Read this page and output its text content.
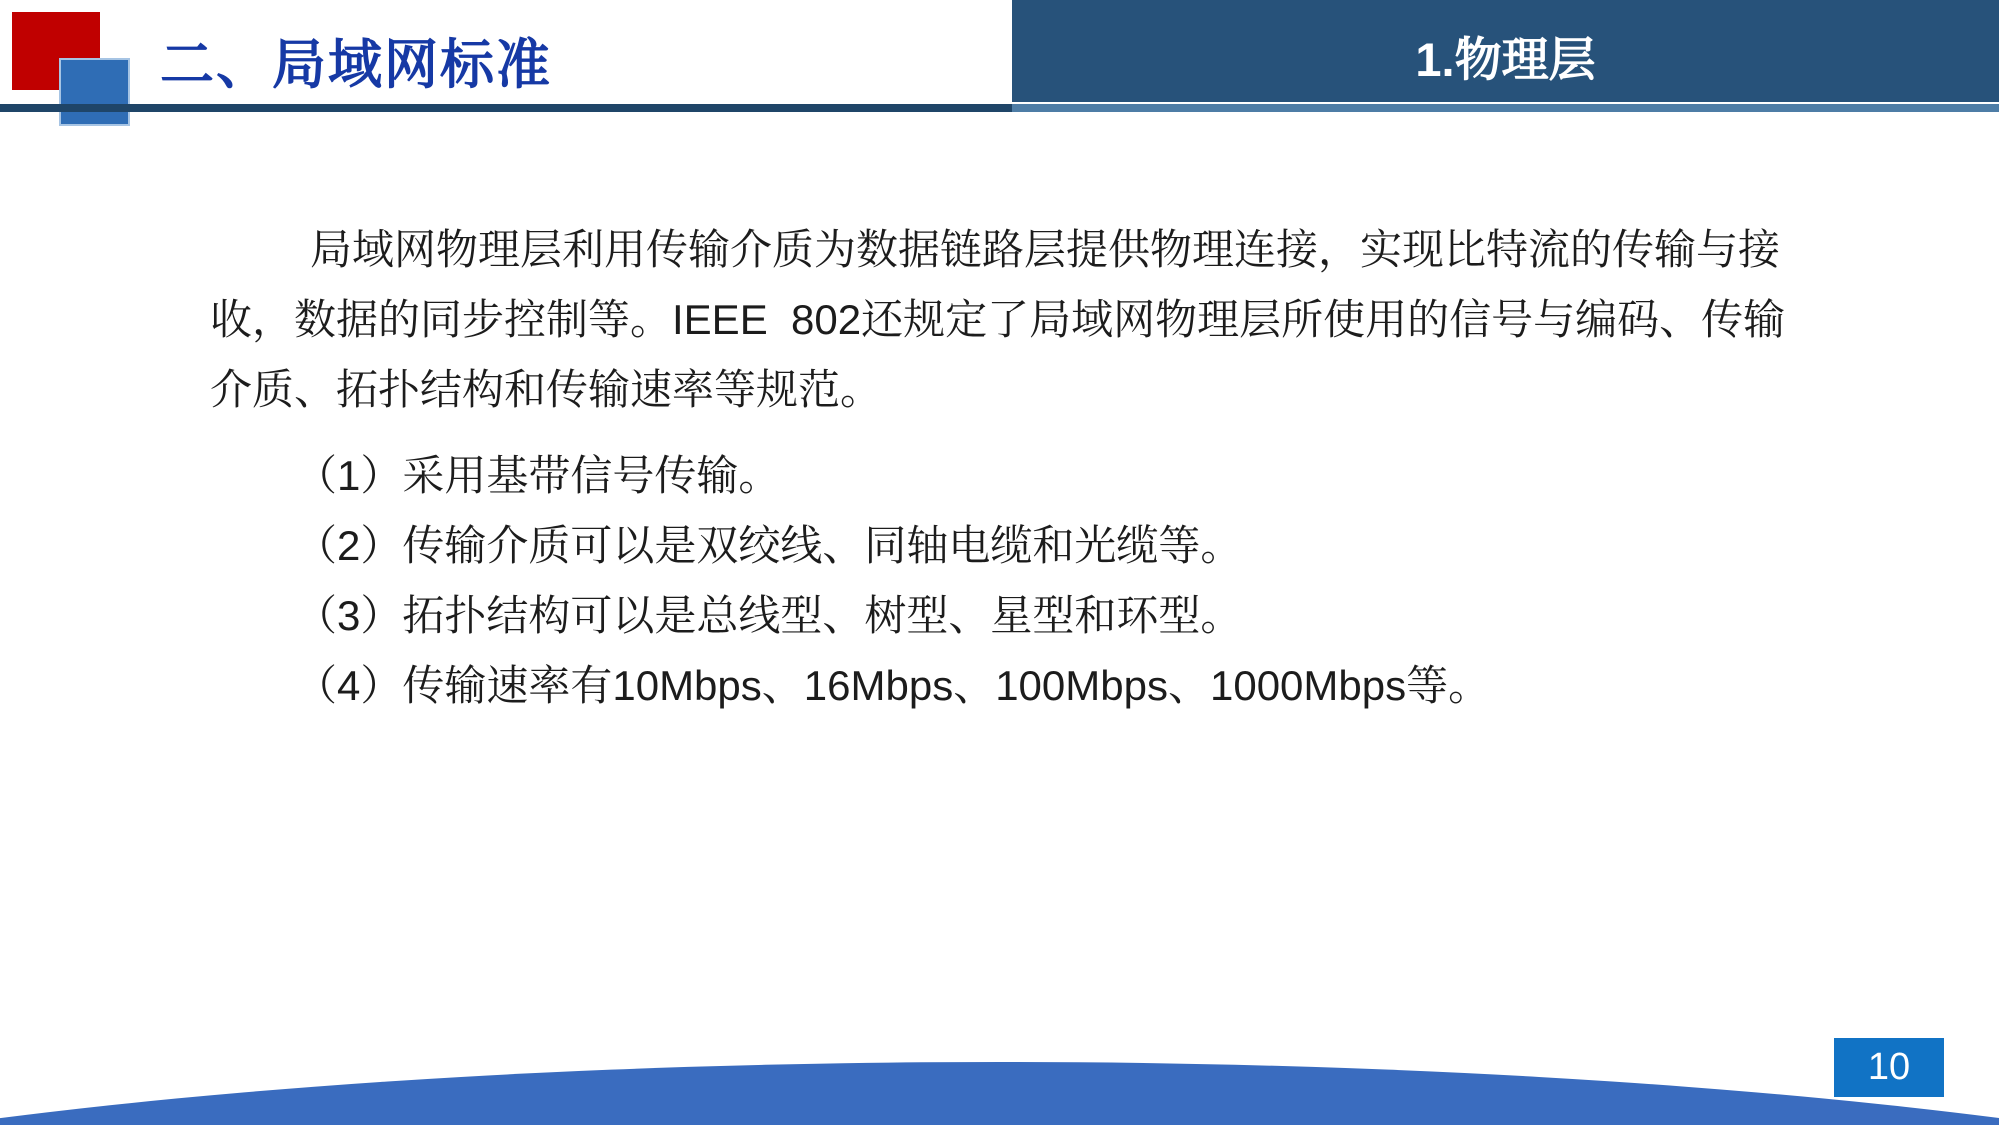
二、局域网标准	1.物理层
局域网物理层利用传输介质为数据链路层提供物理连接，实现比特流的传输与接
收，数据的同步控制等。IEEE  802还规定了局域网物理层所使用的信号与编码、传输
介质、拓扑结构和传输速率等规范。
（1）采用基带信号传输。
（2）传输介质可以是双绞线、同轴电缆和光缆等。
（3）拓扑结构可以是总线型、树型、星型和环型。
（4）传输速率有10Mbps、16Mbps、100Mbps、1000Mbps等。
10
